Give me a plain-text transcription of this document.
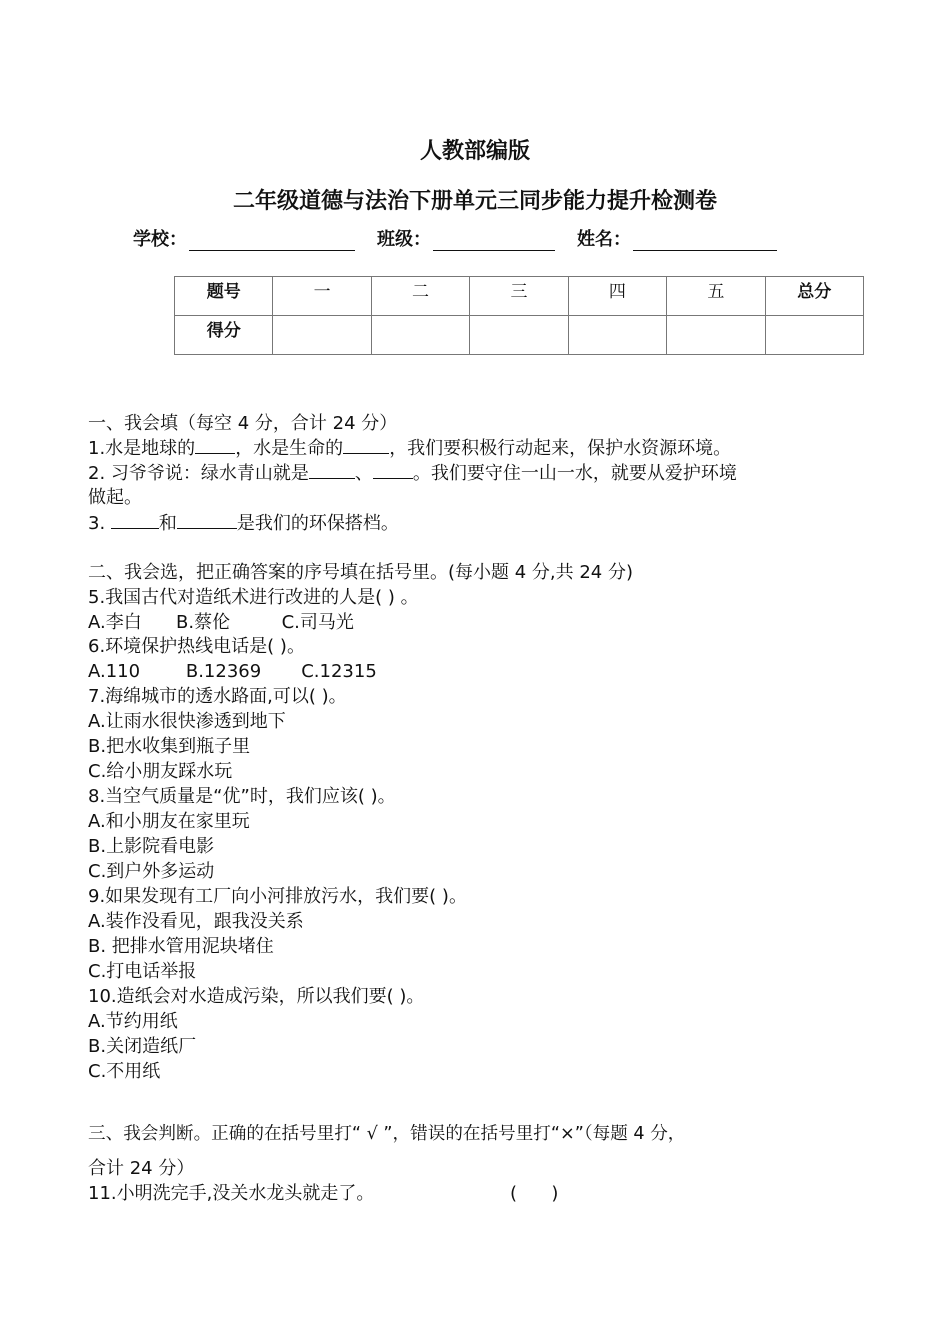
人教部编版
二年级道德与法治下册单元三同步能力提升检测卷
学校：	班级：	姓名：
题号	一	二	三	四	五	总分
得分						
一、我会填（每空 4 分，合计 24 分）
1.水是地球的 ，水是生命的	，我们要积极行动起来，保护水资源环境。
2. 习爷爷说：绿水青山就是	、 。我们要守住一山一水，就要从爱护环境
做起。
3.	和	是我们的环保搭档。
二、我会选，把正确答案的序号填在括号里。(每小题 4 分,共 24 分)
5.我国古代对造纸术进行改进的人是( ) 。
A.李白      B.蔡伦         C.司马光
6.环境保护热线电话是( )。
A.110        B.12369       C.12315
7.海绵城市的透水路面,可以( )。
A.让雨水很快渗透到地下
B.把水收集到瓶子里
C.给小朋友踩水玩
8.当空气质量是“优”时，我们应该( )。
A.和小朋友在家里玩
B.上影院看电影
C.到户外多运动
9.如果发现有工厂向小河排放污水，我们要( )。
A.装作没看见，跟我没关系
B. 把排水管用泥块堵住
C.打电话举报
10.造纸会对水造成污染，所以我们要( )。
A.节约用纸
B.关闭造纸厂
C.不用纸
三、我会判断。正确的在括号里打“ √ ”，错误的在括号里打“×”（每题 4 分，
合计 24 分）
11.小明洗完手,没关水龙头就走了。	(      )
